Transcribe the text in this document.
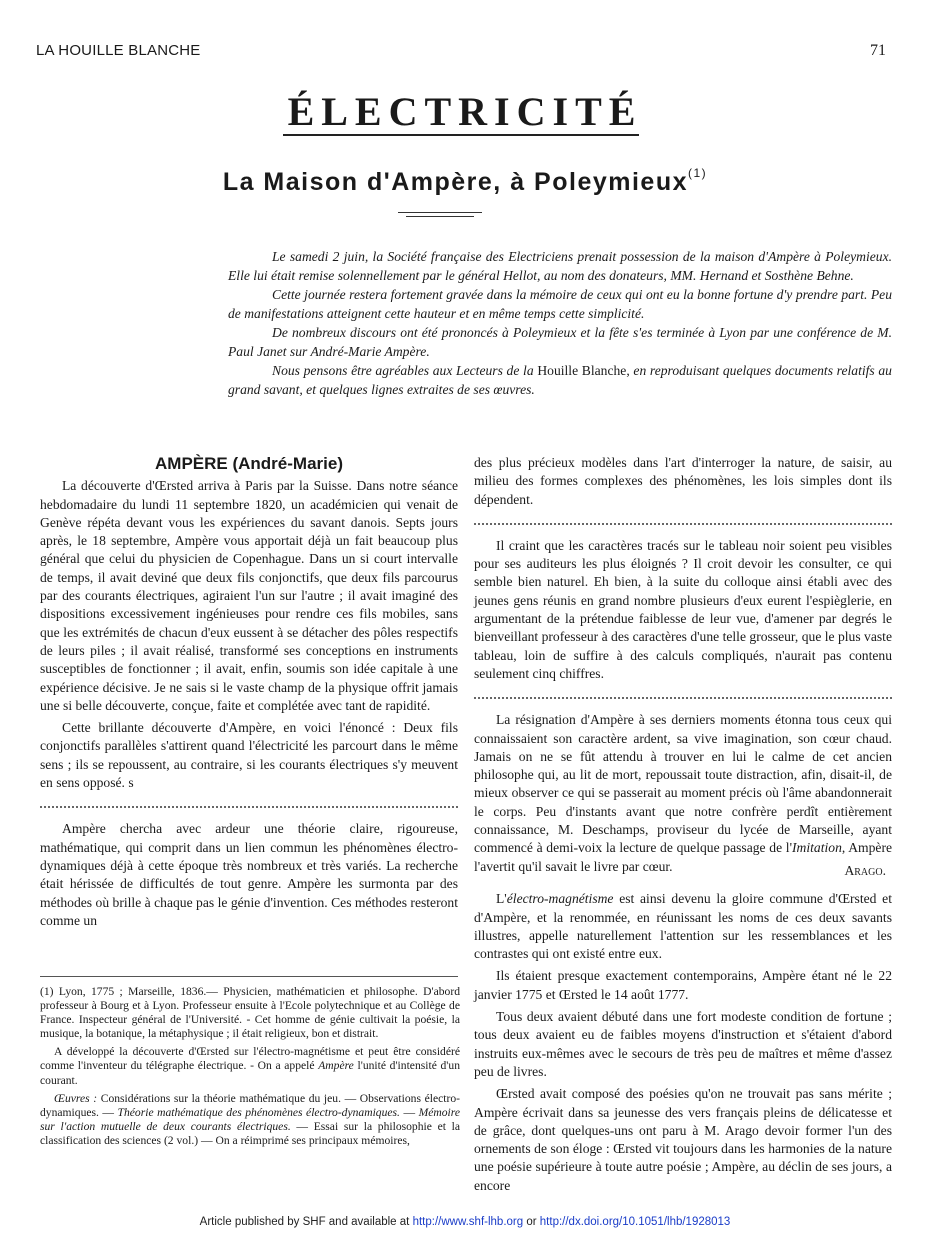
LA HOUILLE BLANCHE	71
ÉLECTRICITÉ
La Maison d'Ampère, à Poleymieux$^{(1)}$

Le samedi 2 juin, la Société française des Electriciens prenait possession de la maison d'Ampère à Poleymieux. Elle lui était remise solennellement par le général Hellot, au nom des donateurs, MM. Hernand et Sosthène Behne.

Cette journée restera fortement gravée dans la mémoire de ceux qui ont eu la bonne fortune d'y prendre part. Peu de manifestations atteignent cette hauteur et en même temps cette simplicité.

De nombreux discours ont été prononcés à Poleymieux et la fête s'es terminée à Lyon par une conférence de M. Paul Janet sur André-Marie Ampère.

Nous pensons être agréables aux Lecteurs de la Houille Blanche, en reproduisant quelques documents relatifs au grand savant, et quelques lignes extraites de ses œuvres.

AMPÈRE (André-Marie)

La découverte d'Œrsted arriva à Paris par la Suisse. Dans notre séance hebdomadaire du lundi 11 septembre 1820, un académicien qui venait de Genève répéta devant vous les expériences du savant danois. Septs jours après, le 18 septembre, Ampère vous apportait déjà un fait beaucoup plus général que celui du physicien de Copenhague. Dans un si court intervalle de temps, il avait deviné que deux fils conjonctifs, que deux fils parcourus par des courants électriques, agiraient l'un sur l'autre ; il avait imaginé des dispositions excessivement ingénieuses pour rendre ces fils mobiles, sans que les extrémités de chacun d'eux eussent à se détacher des pôles respectifs de leurs piles ; il avait réalisé, transformé ses conceptions en instruments susceptibles de fonctionner ; il avait, enfin, soumis son idée capitale à une expérience décisive. Je ne sais si le vaste champ de la physique offrit jamais une si belle découverte, conçue, faite et complétée avec tant de rapidité.

Cette brillante découverte d'Ampère, en voici l'énoncé : Deux fils conjonctifs parallèles s'attirent quand l'électricité les parcourt dans le même sens ; ils se repoussent, au contraire, si les courants électriques s'y meuvent en sens opposé. s

Ampère chercha avec ardeur une théorie claire, rigoureuse, mathématique, qui comprit dans un lien commun les phénomènes électro-dynamiques déjà à cette époque très nombreux et très variés. La recherche était hérissée de difficultés de tout genre. Ampère les surmonta par des méthodes où brille à chaque pas le génie d'invention. Ces méthodes resteront comme un

(1) Lyon, 1775 ; Marseille, 1836.— Physicien, mathématicien et philosophe. D'abord professeur à Bourg et à Lyon. Professeur ensuite à l'Ecole polytechnique et au Collège de France. Inspecteur général de l'Université. - Cet homme de génie cultivait la poésie, la musique, la botanique, la métaphysique ; il était religieux, bon et distrait.

A développé la découverte d'Œrsted sur l'électro-magnétisme et peut être considéré comme l'inventeur du télégraphe électrique. - On a appelé Ampère l'unité d'intensité d'un courant.

Œuvres : Considérations sur la théorie mathématique du jeu. — Observations électro-dynamiques. — Théorie mathématique des phénomènes électro-dynamiques. — Mémoire sur l'action mutuelle de deux courants électriques. — Essai sur la philosophie et la classification des sciences (2 vol.) — On a réimprimé ses principaux mémoires,

des plus précieux modèles dans l'art d'interroger la nature, de saisir, au milieu des formes complexes des phénomènes, les lois simples dont ils dépendent.

Il craint que les caractères tracés sur le tableau noir soient peu visibles pour ses auditeurs les plus éloignés ? Il croit devoir les consulter, ce qui semble bien naturel. Eh bien, à la suite du colloque ainsi établi avec des jeunes gens réunis en grand nombre plusieurs d'eux eurent l'espièglerie, en argumentant de la prétendue faiblesse de leur vue, d'amener par degrés le bienveillant professeur à des caractères d'une telle grosseur, que le plus vaste tableau, loin de suffire à des calculs compliqués, n'aurait pas contenu seulement cinq chiffres.

La résignation d'Ampère à ses derniers moments étonna tous ceux qui connaissaient son caractère ardent, sa vive imagination, son cœur chaud. Jamais on ne se fût attendu à trouver en lui le calme de cet ancien philosophe qui, au lit de mort, repoussait toute distraction, afin, disait-il, de mieux observer ce qui se passerait au moment précis où l'âme abandonnerait le corps. Peu d'instants avant que notre confrère perdît entièrement connaissance, M. Deschamps, proviseur du lycée de Marseille, ayant commencé à demi-voix la lecture de quelque passage de l'Imitation, Ampère l'avertit qu'il savait le livre par cœur.	Arago.

L'électro-magnétisme est ainsi devenu la gloire commune d'Œrsted et d'Ampère, et la renommée, en réunissant les noms de ces deux savants illustres, appelle naturellement l'attention sur les ressemblances et les contrastes qui ont existé entre eux.

Ils étaient presque exactement contemporains, Ampère étant né le 22 janvier 1775 et Œrsted le 14 août 1777.

Tous deux avaient débuté dans une fort modeste condition de fortune ; tous deux avaient eu de faibles moyens d'instruction et s'étaient d'abord instruits eux-mêmes avec le secours de très peu de maîtres et même d'assez peu de livres.

Œrsted avait composé des poésies qu'on ne trouvait pas sans mérite ; Ampère écrivait dans sa jeunesse des vers français pleins de délicatesse et de grâce, dont quelques-uns ont paru à M. Arago devoir former l'un des ornements de son éloge : Œrsted vit toujours dans les harmonies de la nature une poésie supérieure à toute autre poésie ; Ampère, au déclin de ses jours, a encore

Article published by SHF and available at http://www.shf-lhb.org or http://dx.doi.org/10.1051/lhb/1928013
